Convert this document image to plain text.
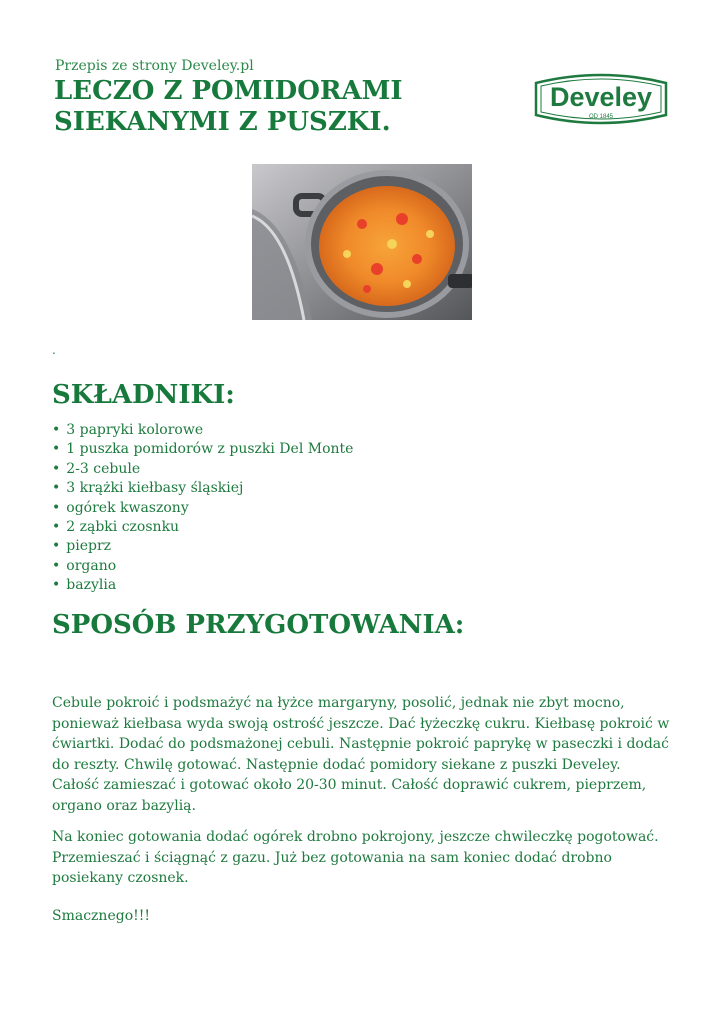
Przepis ze strony Develey.pl
LECZO Z POMIDORAMI SIEKANYMI Z PUSZKI.
Develey
OD 1845
.
SKŁADNIKI:
• 3 papryki kolorowe
• 1 puszka pomidorów z puszki Del Monte
• 2-3 cebule
• 3 krążki kiełbasy śląskiej
• ogórek kwaszony
• 2 ząbki czosnku
• pieprz
• organo
• bazylia
SPOSÓB PRZYGOTOWANIA:

Cebule pokroić i podsmażyć na łyżce margaryny, posolić, jednak nie zbyt mocno, ponieważ kiełbasa wyda swoją ostrość jeszcze. Dać łyżeczkę cukru. Kiełbasę pokroić w ćwiartki. Dodać do podsmażonej cebuli. Następnie pokroić paprykę w paseczki i dodać do reszty. Chwilę gotować. Następnie dodać pomidory siekane z puszki Develey. Całość zamieszać i gotować około 20-30 minut. Całość doprawić cukrem, pieprzem, organo oraz bazylią.

Na koniec gotowania dodać ogórek drobno pokrojony, jeszcze chwileczkę pogotować. Przemieszać i ściągnąć z gazu. Już bez gotowania na sam koniec dodać drobno posiekany czosnek.

Smacznego!!!
